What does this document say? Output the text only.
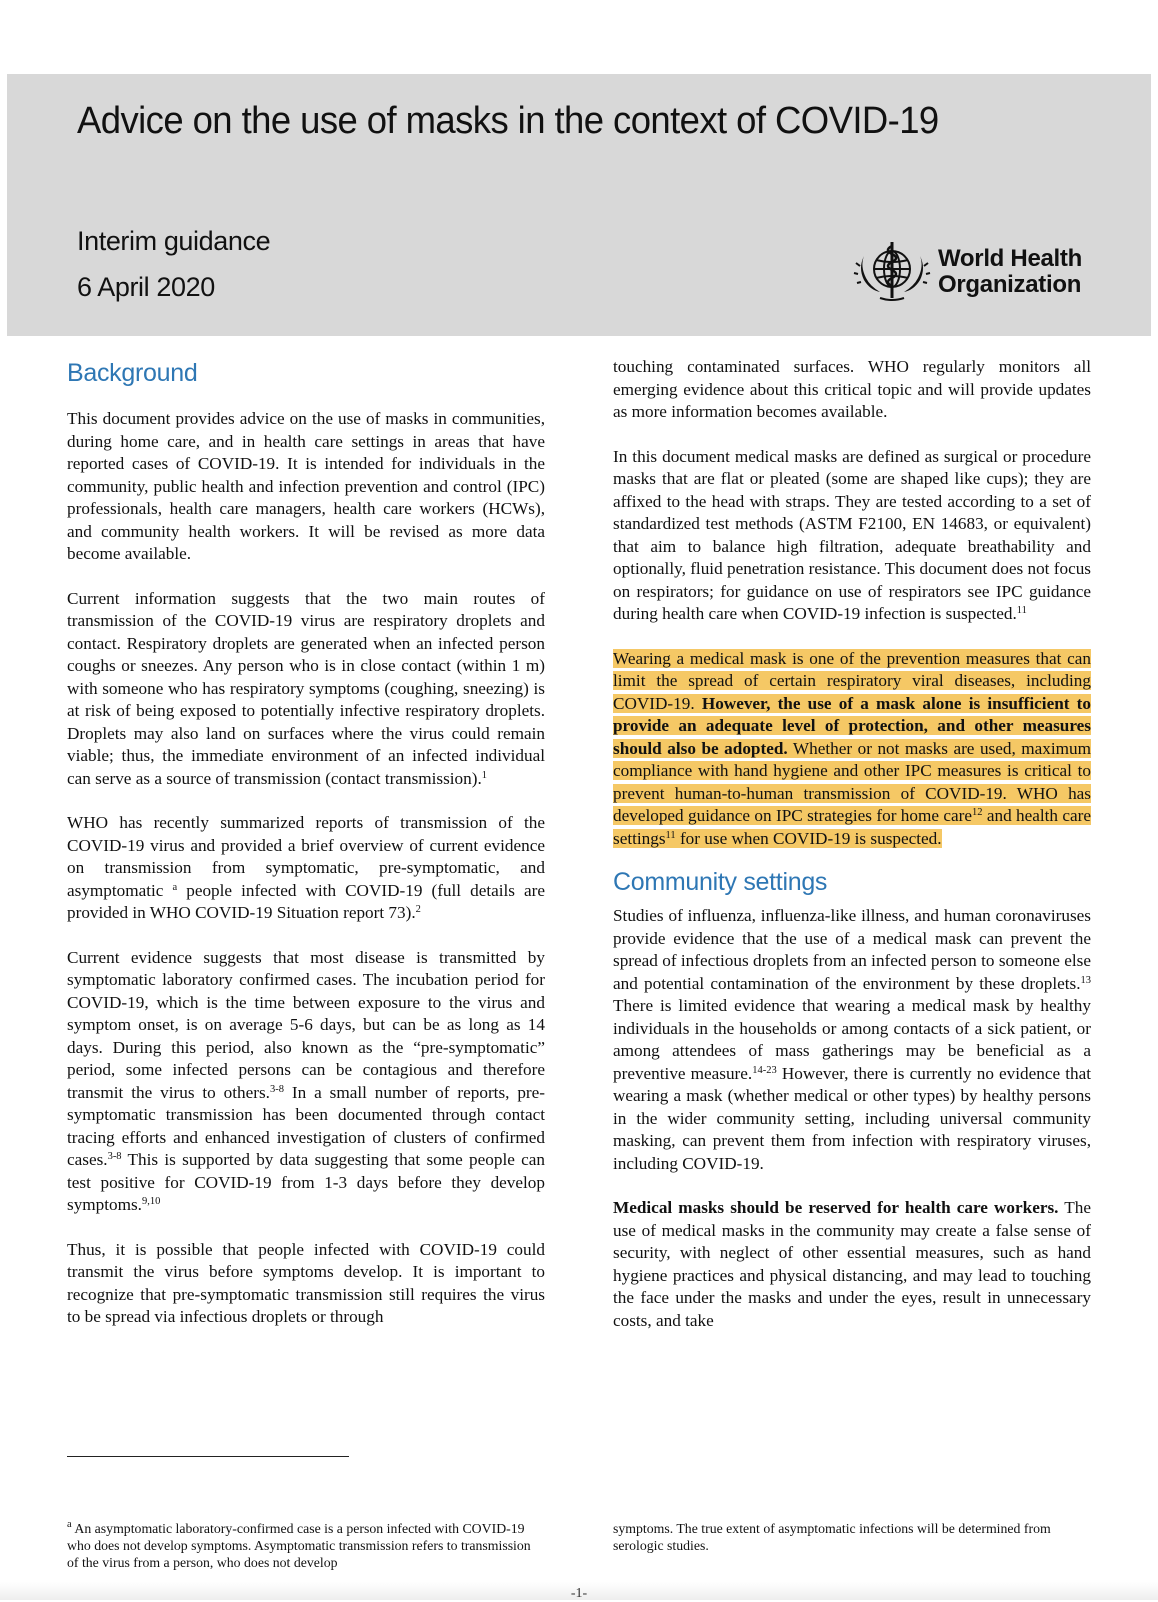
Advice on the use of masks in the context of COVID-19
Interim guidance
6 April 2020
World Health
Organization
Background

This document provides advice on the use of masks in communities, during home care, and in health care settings in areas that have reported cases of COVID-19. It is intended for individuals in the community, public health and infection prevention and control (IPC) professionals, health care managers, health care workers (HCWs), and community health workers. It will be revised as more data become available.

Current information suggests that the two main routes of transmission of the COVID-19 virus are respiratory droplets and contact. Respiratory droplets are generated when an infected person coughs or sneezes. Any person who is in close contact (within 1 m) with someone who has respiratory symptoms (coughing, sneezing) is at risk of being exposed to potentially infective respiratory droplets. Droplets may also land on surfaces where the virus could remain viable; thus, the immediate environment of an infected individual can serve as a source of transmission (contact transmission).$^1$

WHO has recently summarized reports of transmission of the COVID-19 virus and provided a brief overview of current evidence on transmission from symptomatic, pre-symptomatic, and asymptomatic $^a$ people infected with COVID-19 (full details are provided in WHO COVID-19 Situation report 73).$^2$

Current evidence suggests that most disease is transmitted by symptomatic laboratory confirmed cases. The incubation period for COVID-19, which is the time between exposure to the virus and symptom onset, is on average 5-6 days, but can be as long as 14 days. During this period, also known as the “pre-symptomatic” period, some infected persons can be contagious and therefore transmit the virus to others.$^{3-8}$ In a small number of reports, pre-symptomatic transmission has been documented through contact tracing efforts and enhanced investigation of clusters of confirmed cases.$^{3-8}$ This is supported by data suggesting that some people can test positive for COVID-19 from 1-3 days before they develop symptoms.$^{9,10}$

Thus, it is possible that people infected with COVID-19 could transmit the virus before symptoms develop. It is important to recognize that pre-symptomatic transmission still requires the virus to be spread via infectious droplets or through

touching contaminated surfaces. WHO regularly monitors all emerging evidence about this critical topic and will provide updates as more information becomes available.

In this document medical masks are defined as surgical or procedure masks that are flat or pleated (some are shaped like cups); they are affixed to the head with straps. They are tested according to a set of standardized test methods (ASTM F2100, EN 14683, or equivalent) that aim to balance high filtration, adequate breathability and optionally, fluid penetration resistance. This document does not focus on respirators; for guidance on use of respirators see IPC guidance during health care when COVID-19 infection is suspected.$^{11}$

Wearing a medical mask is one of the prevention measures that can limit the spread of certain respiratory viral diseases, including COVID-19. However, the use of a mask alone is insufficient to provide an adequate level of protection, and other measures should also be adopted. Whether or not masks are used, maximum compliance with hand hygiene and other IPC measures is critical to prevent human-to-human transmission of COVID-19. WHO has developed guidance on IPC strategies for home care$^{12}$ and health care settings$^{11}$ for use when COVID-19 is suspected.

Community settings

Studies of influenza, influenza-like illness, and human coronaviruses provide evidence that the use of a medical mask can prevent the spread of infectious droplets from an infected person to someone else and potential contamination of the environment by these droplets.$^{13}$ There is limited evidence that wearing a medical mask by healthy individuals in the households or among contacts of a sick patient, or among attendees of mass gatherings may be beneficial as a preventive measure.$^{14-23}$ However, there is currently no evidence that wearing a mask (whether medical or other types) by healthy persons in the wider community setting, including universal community masking, can prevent them from infection with respiratory viruses, including COVID-19.

Medical masks should be reserved for health care workers. The use of medical masks in the community may create a false sense of security, with neglect of other essential measures, such as hand hygiene practices and physical distancing, and may lead to touching the face under the masks and under the eyes, result in unnecessary costs, and take

$^a$ An asymptomatic laboratory-confirmed case is a person infected with COVID-19 who does not develop symptoms. Asymptomatic transmission refers to transmission of the virus from a person, who does not develop

symptoms. The true extent of asymptomatic infections will be determined from serologic studies.

-1-
